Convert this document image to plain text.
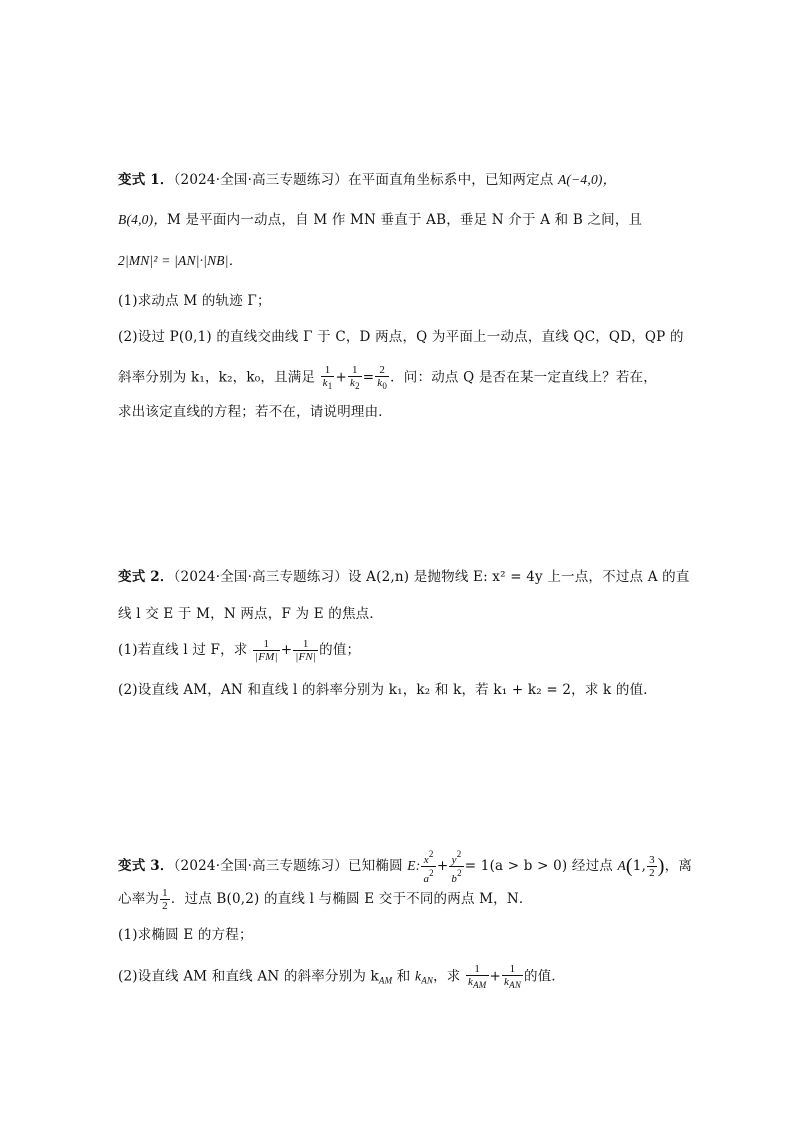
变式 1．（2024·全国·高三专题练习）在平面直角坐标系中，已知两定点 A(−4,0)，
B(4,0)，M 是平面内一动点，自 M 作 MN 垂直于 AB，垂足 N 介于 A 和 B 之间，且
2|MN|² = |AN|·|NB|．
(1)求动点 M 的轨迹 Γ；
(2)设过 P(0,1) 的直线交曲线 Γ 于 C，D 两点，Q 为平面上一动点，直线 QC，QD，QP 的
斜率分别为 k₁，k₂，k₀，且满足 $\frac{1}{k_1} + \frac{1}{k_2} = \frac{2}{k_0}$ ．问：动点 Q 是否在某一定直线上？若在，
求出该定直线的方程；若不在，请说明理由．
变式 2．（2024·全国·高三专题练习）设 A(2,n) 是抛物线 E: x² = 4y 上一点，不过点 A 的直
线 l 交 E 于 M，N 两点，F 为 E 的焦点．
(1)若直线 l 过 F，求 $\frac{1}{|FM|} + \frac{1}{|FN|}$ 的值；
(2)设直线 AM，AN 和直线 l 的斜率分别为 k₁，k₂ 和 k，若 k₁ + k₂ = 2，求 k 的值．
变式 3．（2024·全国·高三专题练习）已知椭圆 E: $\frac{x^2}{a^2} + \frac{y^2}{b^2} = 1(a > b > 0)$ 经过点 A(1, $\frac{3}{2}$ )，离
心率为 $\frac{1}{2}$ ．过点 B(0,2) 的直线 l 与椭圆 E 交于不同的两点 M，N．
(1)求椭圆 E 的方程；
(2)设直线 AM 和直线 AN 的斜率分别为 $k_{AM}$ 和 $k_{AN}$，求 $\frac{1}{k_{AM}} + \frac{1}{k_{AN}}$ 的值．
